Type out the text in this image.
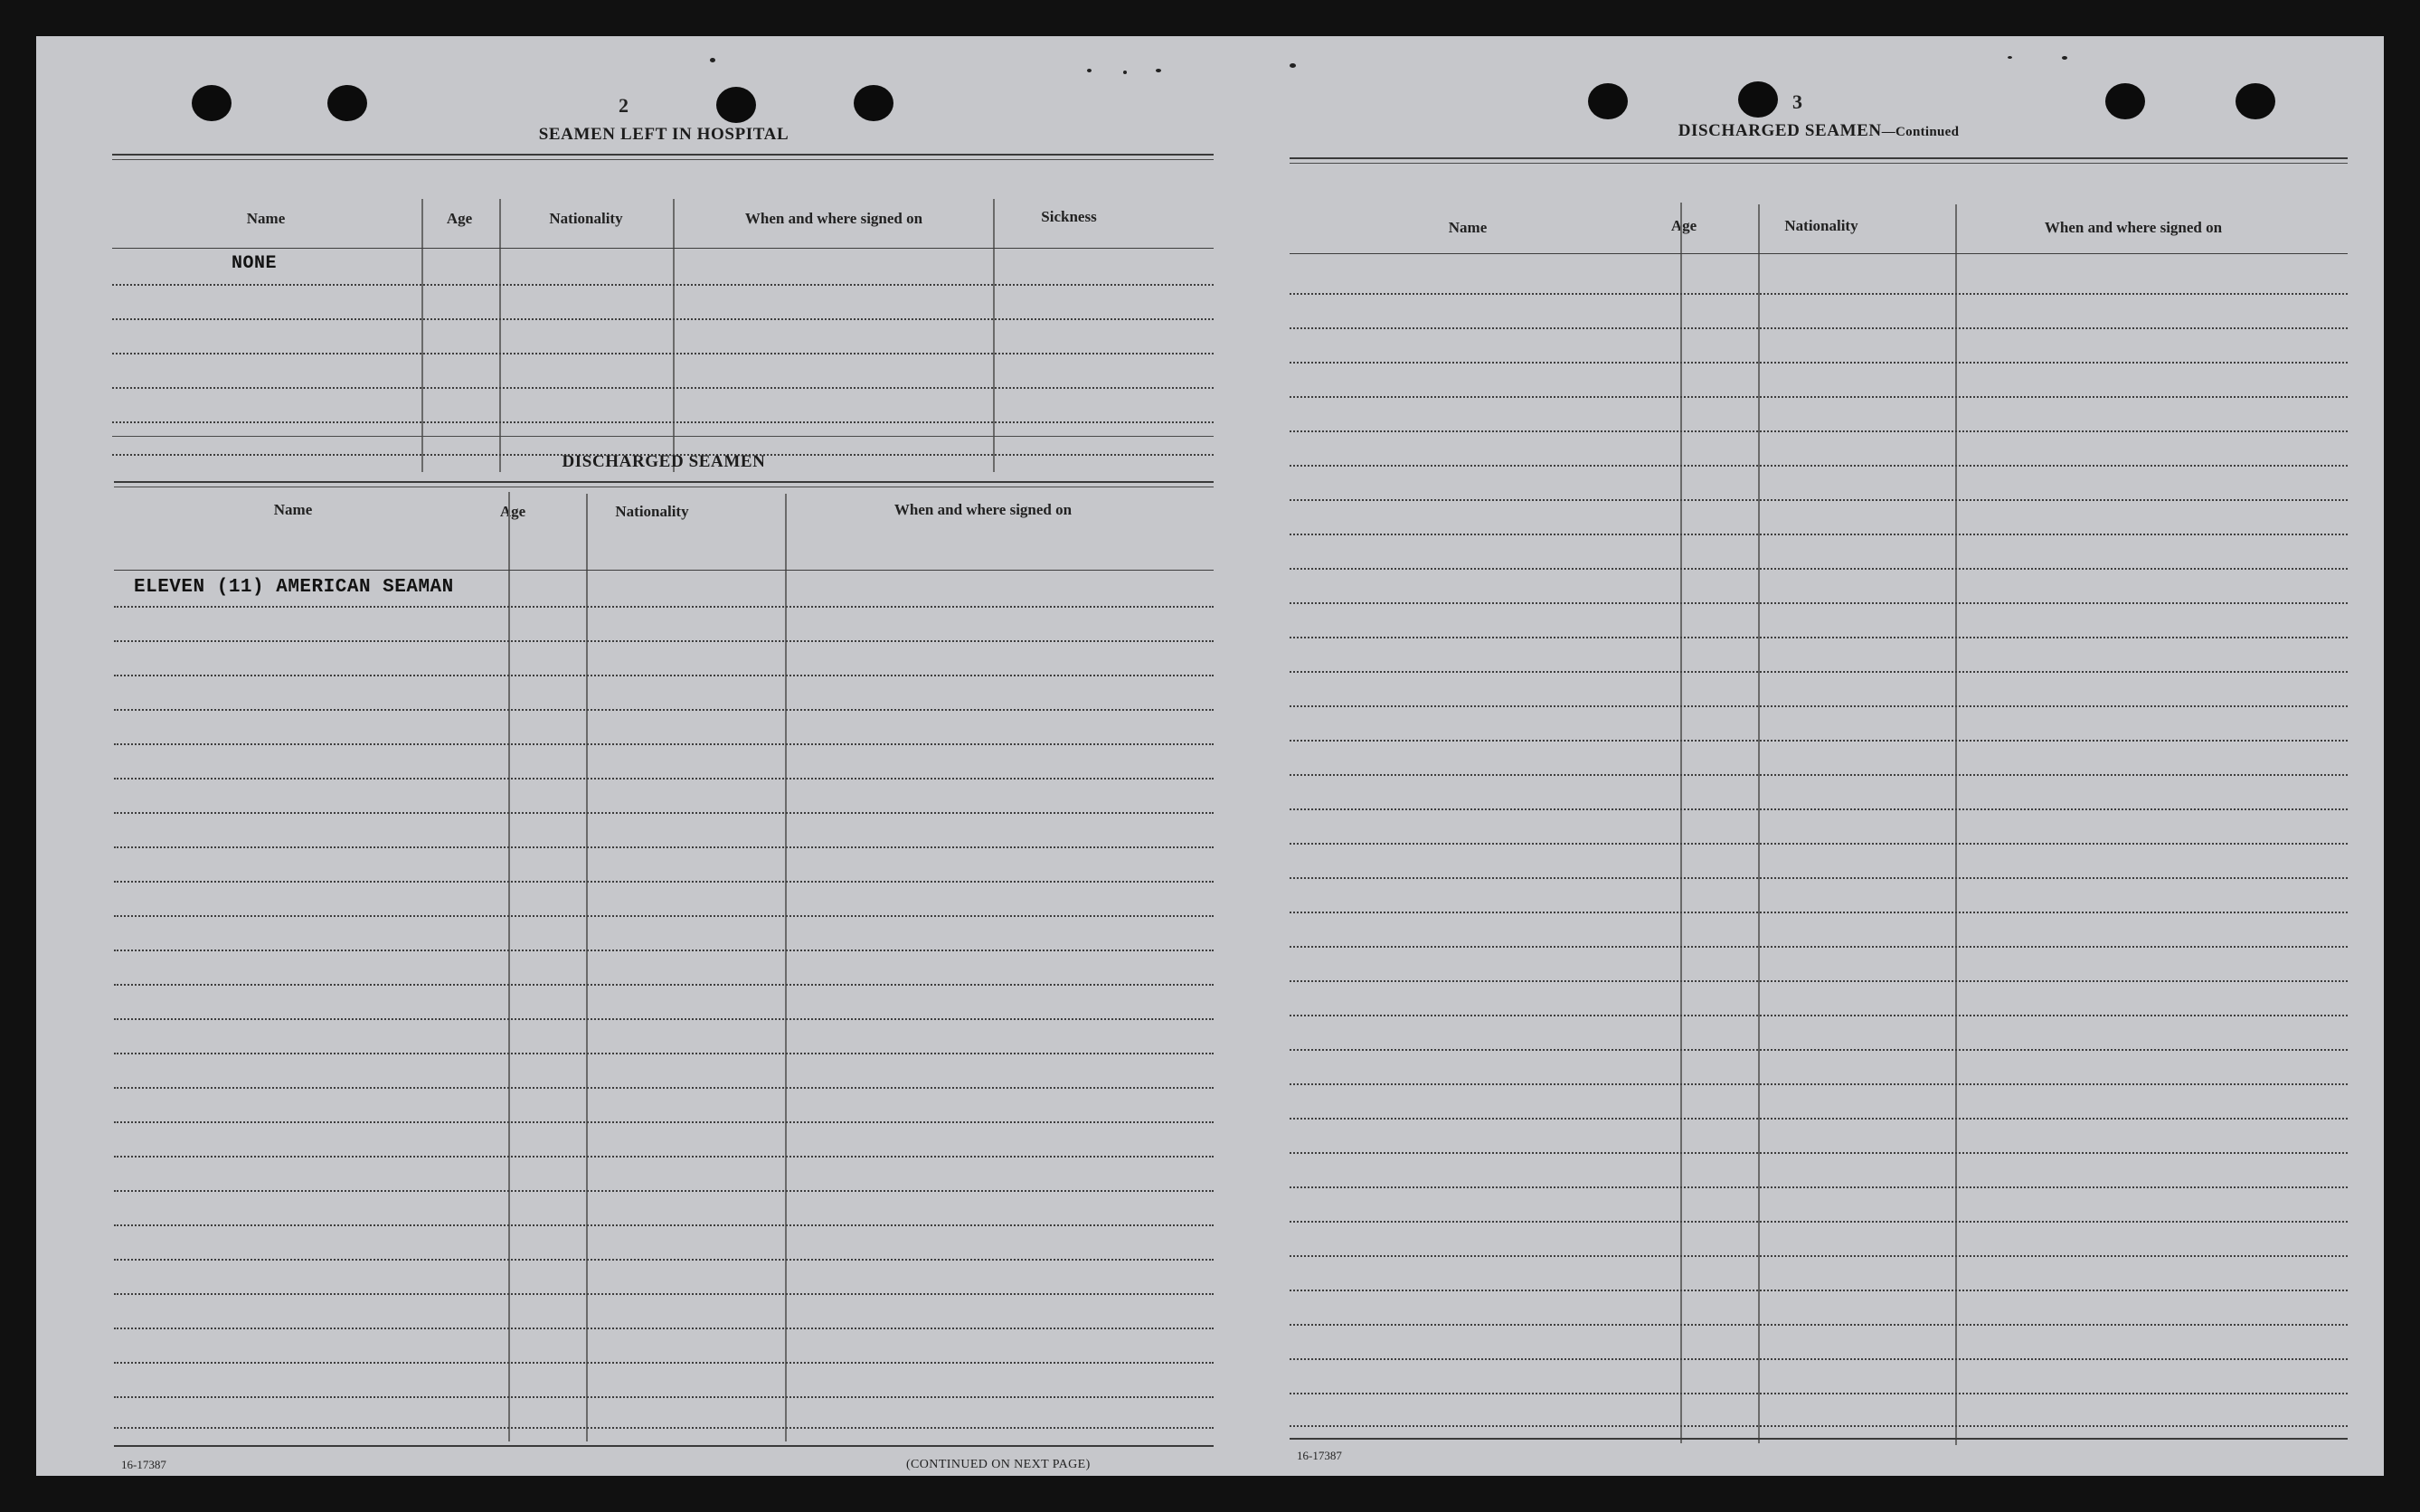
2
SEAMEN LEFT IN HOSPITAL
Name	Age	Nationality	When and where signed on	Sickness
NONE
DISCHARGED SEAMEN
Name	Age	Nationality	When and where signed on
ELEVEN (11) AMERICAN SEAMAN
16-17387	(CONTINUED ON NEXT PAGE)
3
DISCHARGED SEAMEN—Continued
Name	Age	Nationality	When and where signed on
16-17387
